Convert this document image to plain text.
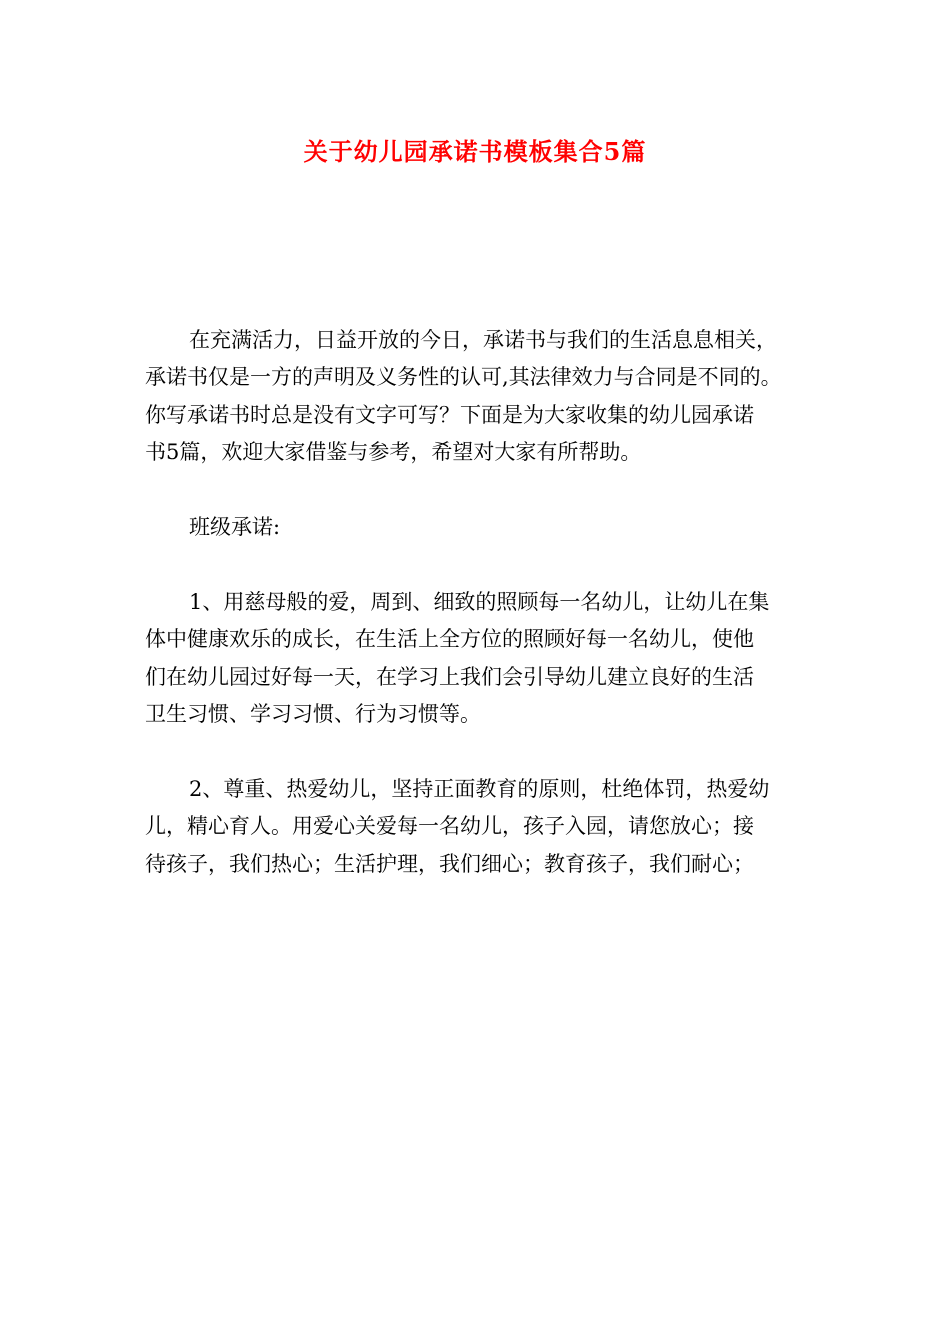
关于幼儿园承诺书模板集合5篇

在充满活力，日益开放的今日，承诺书与我们的生活息息相关，
承诺书仅是一方的声明及义务性的认可,其法律效力与合同是不同的。
你写承诺书时总是没有文字可写？下面是为大家收集的幼儿园承诺
书5篇，欢迎大家借鉴与参考，希望对大家有所帮助。

班级承诺:

1、用慈母般的爱，周到、细致的照顾每一名幼儿，让幼儿在集
体中健康欢乐的成长，在生活上全方位的照顾好每一名幼儿，使他
们在幼儿园过好每一天，在学习上我们会引导幼儿建立良好的生活
卫生习惯、学习习惯、行为习惯等。

2、尊重、热爱幼儿，坚持正面教育的原则，杜绝体罚，热爱幼
儿，精心育人。用爱心关爱每一名幼儿，孩子入园，请您放心；接
待孩子，我们热心；生活护理，我们细心；教育孩子，我们耐心；
